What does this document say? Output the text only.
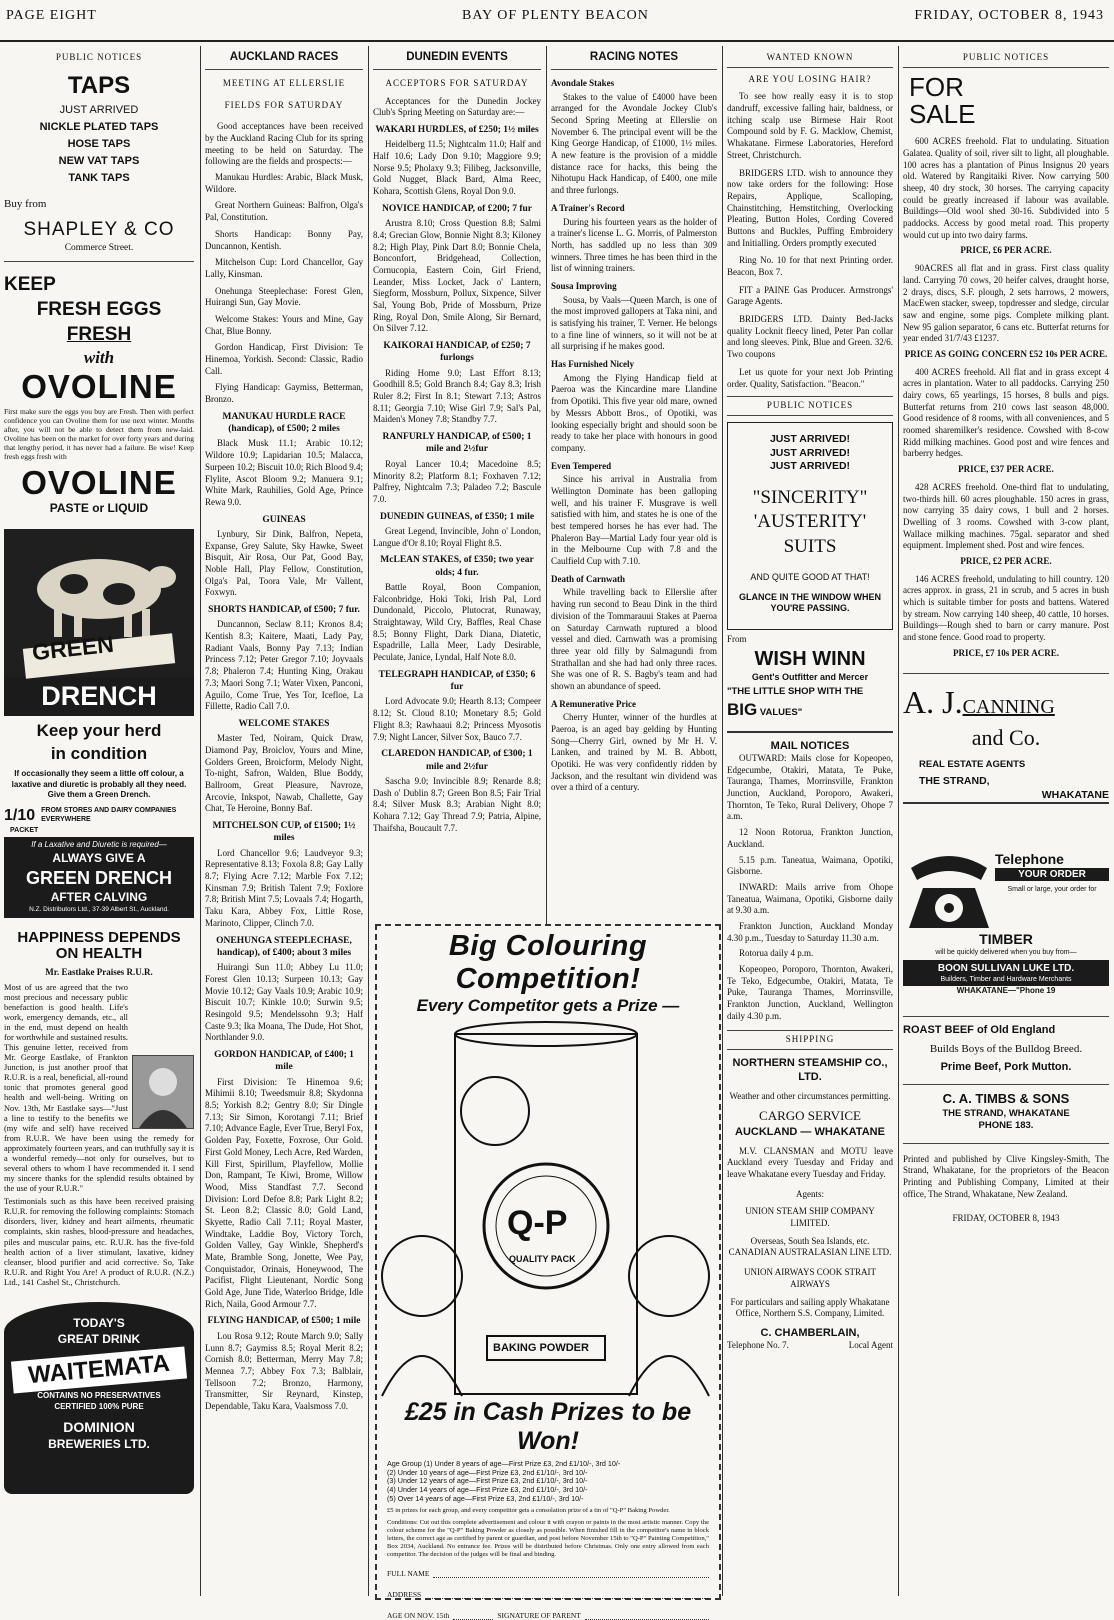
PAGE EIGHT	BAY OF PLENTY BEACON	FRIDAY, OCTOBER 8, 1943
PUBLIC NOTICES
TAPS
JUST ARRIVED
NICKLE PLATED TAPS
HOSE TAPS
NEW VAT TAPS
TANK TAPS
Buy from
SHAPLEY & CO
Commerce Street.
KEEP
FRESH EGGS
FRESH
with
OVOLINE
First make sure the eggs you buy are Fresh. Then with perfect confidence you can Ovoline them for use next winter. Months after, you will not be able to detect them from new-laid. Ovoline has been on the market for over forty years and during that lengthy period, it has never had a failure. Be wise! Keep fresh eggs fresh with
OVOLINE
PASTE or LIQUID
GREEN
DRENCH
Keep your herd
in condition
If occasionally they seem a little off colour, a laxative and diuretic is probably all they need. Give them a Green Drench.
1/10 FROM STORES AND DAIRY COMPANIES EVERYWHERE
PACKET
If a Laxative and Diuretic is required—
ALWAYS GIVE A
GREEN DRENCH
AFTER CALVING
N.Z. Distributors Ltd., 37-39 Albert St., Auckland.
HAPPINESS DEPENDS ON HEALTH
Mr. Eastlake Praises R.U.R.
Most of us are agreed that the two most precious and necessary public benefaction is good health. Life's work, emergency demands, etc., all in the end, must depend on health for worthwhile and sustained results. This genuine letter, received from Mr. George Eastlake, of Frankton Junction, is just another proof that R.U.R. is a real, beneficial, all-round tonic that promotes general good health and well-being. Writing on Nov. 13th, Mr Eastlake says—"Just a line to testify to the benefits we (my wife and self) have received from R.U.R. We have been using the remedy for approximately fourteen years, and can truthfully say it is a wonderful remedy—not only for ourselves, but to several others to whom I have recommended it. I send my sincere thanks for the splendid results obtained by the use of your R.U.R."
Testimonials such as this have been received praising R.U.R. for removing the following complaints: Stomach disorders, liver, kidney and heart ailments, rheumatic complaints, skin rashes, blood-pressure and headaches, piles and muscular pains, etc. R.U.R. has the five-fold health action of a liver stimulant, laxative, kidney cleanser, blood purifier and acid corrective. So, Take R.U.R. and Right You Are! A product of R.U.R. (N.Z.) Ltd., 141 Cashel St., Christchurch.
TODAY'S
GREAT DRINK
WAITEMATA
CONTAINS NO PRESERVATIVES
CERTIFIED 100% PURE
DOMINION
BREWERIES LTD.
AUCKLAND RACES
MEETING AT ELLERSLIE
FIELDS FOR SATURDAY

Good acceptances have been received by the Auckland Racing Club for its spring meeting to be held on Saturday. The following are the fields and prospects:—

Manukau Hurdles: Arabic, Black Musk, Wildore.
Great Northern Guineas: Balfron, Olga's Pal, Constitution.
Shorts Handicap: Bonny Pay, Duncannon, Kentish.
Mitchelson Cup: Lord Chancellor, Gay Lally, Kinsman.
Onehunga Steeplechase: Forest Glen, Huirangi Sun, Gay Movie.
Welcome Stakes: Yours and Mine, Gay Chat, Blue Bonny.
Gordon Handicap, First Division: Te Hinemoa, Yorkish. Second: Classic, Radio Call.
Flying Handicap: Gaymiss, Betterman, Bronzo.
MANUKAU HURDLE RACE (handicap), of £500; 2 miles

Black Musk 11.1; Arabic 10.12; Wildore 10.9; Lapidarian 10.5; Malacca, Surpeen 10.2; Biscuit 10.0; Rich Blood 9.4; Flylite, Ascot Bloom 9.2; Manuera 9.1; White Mark, Rauhilies, Gold Age, Prince Rewa 9.0.

GUINEAS

Lynbury, Sir Dink, Balfron, Nepeta, Expanse, Grey Salute, Sky Hawke, Sweet Bisquit, Air Rosa, Our Pat, Good Bay, Noble Hall, Play Fellow, Constitution, Olga's Pal, Toora Vale, Mr Vallent, Foxwyn.

SHORTS HANDICAP, of £500; 7 fur.

Duncannon, Seclaw 8.11; Kronos 8.4; Kentish 8.3; Kaitere, Maati, Lady Pay, Radiant Vaals, Bonny Pay 7.13; Indian Princess 7.12; Peter Gregor 7.10; Joyvaals 7.8; Phaleron 7.4; Hunting King, Orakau 7.3; Maori Song 7.1; Water Vixen, Panconi, Aguilo, Come True, Yes Tor, Icefloe, La Fillette, Radio Call 7.0.

WELCOME STAKES

Master Ted, Noiram, Quick Draw, Diamond Pay, Broiclov, Yours and Mine, Golders Green, Broicform, Melody Night, To-night, Safron, Walden, Blue Boddy, Ballroom, Great Pleasure, Navroze, Arcovie, Inkspot, Nawab, Challette, Gay Chat, Te Heroine, Bonny Baf.

MITCHELSON CUP, of £1500; 1½ miles

Lord Chancellor 9.6; Laudveyor 9.3; Representative 8.13; Foxola 8.8; Gay Lally 8.7; Flying Acre 7.12; Marble Fox 7.12; Kinsman 7.9; British Talent 7.9; Foxlore 7.8; British Mint 7.5; Lovaals 7.4; Hogarth, Taku Kara, Abbey Fox, Little Rose, Marinoto, Clipper, Clinch 7.0.

ONEHUNGA STEEPLECHASE, handicap), of £400; about 3 miles

Huirangi Sun 11.0; Abbey Lu 11.0; Forest Glen 10.13; Surpeen 10.13; Gay Movie 10.12; Gay Vaals 10.9; Arabic 10.9; Biscuit 10.7; Kinkle 10.0; Surwin 9.5; Resingold 9.5; Mendelssohn 9.3; Half Caste 9.3; Ika Moana, The Dude, Hot Shot, Northlander 9.0.

GORDON HANDICAP, of £400; 1 mile

First Division: Te Hinemoa 9.6; Mihimii 8.10; Tweedsmuir 8.8; Skydonna 8.5; Yorkish 8.2; Gentry 8.0; Sir Dingle 7.13; Sir Simon, Korotangi 7.11; Brief 7.10; Advance Eagle, Ever True, Beryl Fox, Golden Pay, Foxette, Foxrose, Our Gold. First Gold Money, Lech Acre, Red Warden, Kill First, Spirillum, Playfellow, Mollie Don, Rampant, Te Kiwi, Brome, Willow Wood, Miss Standfast 7.7. Second Division: Lord Defoe 8.8; Park Light 8.2; St. Leon 8.2; Classic 8.0; Gold Land, Skyette, Radio Call 7.11; Royal Master, Windtake, Laddie Boy, Victory Torch, Golden Valley, Gay Winkle, Shepherd's Mate, Bramble Song, Jonette, Wee Pay, Conquistador, Orinais, Honeywood, The Pacifist, Flight Lieutenant, Nordic Song Gold Age, June Tide, Waterloo Bridge, Idle Rich, Naila, Good Armour 7.7.

FLYING HANDICAP, of £500; 1 mile

Lou Rosa 9.12; Route March 9.0; Sally Lunn 8.7; Gaymiss 8.5; Royal Merit 8.2; Cornish 8.0; Betterman, Merry May 7.8; Mennea 7.7; Abbey Fox 7.3; Balblair, Tellsoon 7.2; Bronzo, Harmony, Transmitter, Sir Reynard, Kinstep, Dependable, Taku Kara, Vaalsmoss 7.0.

DUNEDIN EVENTS
ACCEPTORS FOR SATURDAY

Acceptances for the Dunedin Jockey Club's Spring Meeting on Saturday are:—

WAKARI HURDLES, of £250; 1½ miles

Heidelberg 11.5; Nightcalm 11.0; Half and Half 10.6; Lady Don 9.10; Maggiore 9.9; Norse 9.5; Pholaxy 9.3; Filibeg, Jacksonville, Gold Nugget, Black Bard, Alma Reec, Kohara, Scottish Glens, Royal Don 9.0.

NOVICE HANDICAP, of £200; 7 fur

Arustra 8.10; Cross Question 8.8; Salmi 8.4; Grecian Glow, Bonnie Night 8.3; Kiloney 8.2; High Play, Pink Dart 8.0; Bonnie Chela, Bonconfort, Bridgehead, Collection, Cornucopia, Eastern Coin, Girl Friend, Leander, Miss Locket, Jack o' Lantern, Siegform, Mossburn, Pollux, Sixpence, Silver Sal, Young Bob, Pride of Mossburn, Prize Ring, Royal Don, Smile Along, Sir Bernard, On Silver 7.12.

KAIKORAI HANDICAP, of £250; 7 furlongs

Riding Home 9.0; Last Effort 8.13; Goodhill 8.5; Gold Branch 8.4; Gay 8.3; Irish Ruler 8.2; First In 8.1; Stewart 7.13; Astros 8.11; Georgia 7.10; Wise Girl 7.9; Sal's Pal, Maiden's Money 7.8; Standby 7.7.

RANFURLY HANDICAP, of £500; 1 mile and 2½fur

Royal Lancer 10.4; Macedoine 8.5; Minority 8.2; Platform 8.1; Foxhaven 7.12; Palfrey, Nightcalm 7.3; Paladeo 7.2; Bascule 7.0.

DUNEDIN GUINEAS, of £350; 1 mile

Great Legend, Invincible, John o' London, Langue d'Or 8.10; Royal Flight 8.5.

McLEAN STAKES, of £350; two year olds; 4 fur.

Battle Royal, Boon Companion, Falconbridge, Hoki Toki, Irish Pal, Lord Dundonald, Piccolo, Plutocrat, Runaway, Straightaway, Wild Cry, Baffles, Real Chase 8.5; Bonny Flight, Dark Diana, Diatetic, Espadrille, Lalla Meer, Lady Desirable, Peculate, Janice, Lyndal, Half Note 8.0.

TELEGRAPH HANDICAP, of £350; 6 fur

Lord Advocate 9.0; Hearth 8.13; Compeer 8.12; St. Cloud 8.10; Monetary 8.5; Gold Flight 8.3; Rawhaaui 8.2; Princess Myosotis 7.9; Night Lancer, Silver Sox, Bauco 7.7.

CLAREDON HANDICAP, of £300; 1 mile and 2½fur

Sascha 9.0; Invincible 8.9; Renarde 8.8; Dash o' Dublin 8.7; Green Bon 8.5; Fair Trial 8.4; Silver Musk 8.3; Arabian Night 8.0; Kohara 7.12; Gay Thread 7.9; Patria, Alpine, Thaifsha, Boucault 7.7.

RACING NOTES
Avondale Stakes

Stakes to the value of £4000 have been arranged for the Avondale Jockey Club's Second Spring Meeting at Ellerslie on November 6. The principal event will be the King George Handicap, of £1000, 1½ miles. A new feature is the provision of a middle distance race for hacks, this being the Nihotupu Hack Handicap, of £400, one mile and three furlongs.

A Trainer's Record

During his fourteen years as the holder of a trainer's license L. G. Morris, of Palmerston North, has saddled up no less than 309 winners. Three times he has been third in the list of winning trainers.

Sousa Improving

Sousa, by Vaals—Queen March, is one of the most improved gallopers at Taka nini, and is satisfying his trainer, T. Verner. He belongs to a fine line of winners, so it will not be at all surprising if he makes good.

Has Furnished Nicely

Among the Flying Handicap field at Paeroa was the Kincardine mare Llandine from Opotiki. This five year old mare, owned by Messrs Abbott Bros., of Opotiki, was looking especially bright and should soon be ready to take her place with honours in good company.

Even Tempered

Since his arrival in Australia from Wellington Dominate has been galloping well, and his trainer F. Musgrave is well satisfied with him, and states he is one of the best tempered horses he has ever had. The Phaleron Bay—Martial Lady four year old is in the Melbourne Cup with 7.8 and the Caulfield Cup with 7.10.

Death of Carnwath

While travelling back to Ellerslie after having run second to Beau Dink in the third division of the Tommarauui Stakes at Paeroa on Saturday Carnwath ruptured a blood vessel and died. Carnwath was a promising three year old filly by Salmagundi from Strathallan and she had had only three races. She was one of R. S. Bagby's team and had shown an abundance of speed.

A Remunerative Price

Cherry Hunter, winner of the hurdles at Paeroa, is an aged bay gelding by Hunting Song—Cherry Girl, owned by Mr H. V. Lanken, and trained by M. B. Abbott, Opotiki. He was very confidently ridden by Jackson, and the resultant win dividend was over a third of a century.

Big Colouring Competition!
Every Competitor gets a Prize —
Q-P
QUALITY PACK
BAKING POWDER
£25 in Cash Prizes to be Won!
Age Group (1) Under 8 years of age—First Prize £3, 2nd £1/10/-, 3rd 10/-
(2) Under 10 years of age—First Prize £3, 2nd £1/10/-, 3rd 10/-
(3) Under 12 years of age—First Prize £3, 2nd £1/10/-, 3rd 10/-
(4) Under 14 years of age—First Prize £3, 2nd £1/10/-, 3rd 10/-
(5) Over 14 years of age—First Prize £3, 2nd £1/10/-, 3rd 10/-
£5 in prizes for each group, and every competitor gets a consolation prize of a tin of "Q-P" Baking Powder.
Conditions: Cut out this complete advertisement and colour it with crayon or paints in the most artistic manner. Copy the colour scheme for the "Q-P" Baking Powder as closely as possible. When finished fill in the competitor's name in block letters, the correct age as certified by parent or guardian, and post before November 15th to "Q-P" Painting Competition," Box 2034, Auckland. No entrance fee. Prizes will be distributed before Christmas. Only one entry allowed from each competitor. The decision of the judges will be final and binding.
FULL NAME
ADDRESS
AGE ON NOV. 15th	SIGNATURE OF PARENT
WANTED KNOWN
ARE YOU LOSING HAIR?

To see how really easy it is to stop dandruff, excessive falling hair, baldness, or itching scalp use Birmese Hair Root Compound sold by F. G. Macklow, Chemist, Whakatane. Firmese Laboratories, Hereford Street, Christchurch.

BRIDGERS LTD. wish to announce they now take orders for the following: Hose Repairs, Applique, Scalloping, Chainstitching, Hemstitching, Overlocking Pleating, Button Holes, Cording Covered Buttons and Buckles, Puffing Embroidery and Initialling. Orders promptly executed

Ring No. 10 for that next Printing order. Beacon, Box 7.

FIT a PAINE Gas Producer. Armstrongs' Garage Agents.

BRIDGERS LTD. Dainty Bed-Jacks quality Locknit fleecy lined, Peter Pan collar and long sleeves. Pink, Blue and Green. 32/6. Two coupons

Let us quote for your next Job Printing order. Quality, Satisfaction. "Beacon."

PUBLIC NOTICES
JUST ARRIVED!
JUST ARRIVED!
JUST ARRIVED!
"SINCERITY"
'AUSTERITY'
SUITS
AND QUITE GOOD AT THAT!
GLANCE IN THE WINDOW WHEN YOU'RE PASSING.
From
WISH WINN
Gent's Outfitter and Mercer
"THE LITTLE SHOP WITH THE BIG VALUES"
MAIL NOTICES

OUTWARD: Mails close for Kopeopeo, Edgecumbe, Otakiri, Matata, Te Puke, Tauranga, Thames, Morrinsville, Frankton Junction, Auckland, Poroporo, Awakeri, Thornton, Te Teko, Rural Delivery, Ohope 7 a.m.

12 Noon Rotorua, Frankton Junction, Auckland.

5.15 p.m. Taneatua, Waimana, Opotiki, Gisborne.

INWARD: Mails arrive from Ohope Taneatua, Waimana, Opotiki, Gisborne daily at 9.30 a.m.

Frankton Junction, Auckland Monday 4.30 p.m., Tuesday to Saturday 11.30 a.m.

Rotorua daily 4 p.m.

Kopeopeo, Poroporo, Thornton, Awakeri, Te Teko, Edgecumbe, Otakiri, Matata, Te Puke, Tauranga Thames, Morrinsville, Frankton Junction, Auckland, Wellington daily 4.30 p.m.

SHIPPING
NORTHERN STEAMSHIP CO., LTD.
Weather and other circumstances permitting.
CARGO SERVICE
AUCKLAND — WHAKATANE

M.V. CLANSMAN and MOTU leave Auckland every Tuesday and Friday and leave Whakatane every Tuesday and Friday.

Agents:
UNION STEAM SHIP COMPANY LIMITED.
Overseas, South Sea Islands, etc.
CANADIAN AUSTRALASIAN LINE LTD.
UNION AIRWAYS COOK STRAIT AIRWAYS
For particulars and sailing apply Whakatane Office, Northern S.S. Company, Limited.
C. CHAMBERLAIN,
Telephone No. 7.	Local Agent
PUBLIC NOTICES
FOR
SALE

600 ACRES freehold. Flat to undulating. Situation Galatea. Quality of soil, river silt to light, all ploughable. 100 acres has a plantation of Pinus Insignus 20 years old. Watered by Rangitaiki River. Now carrying 500 sheep, 40 dry stock, 30 horses. The carrying capacity could be greatly increased if labour was available. Buildings—Old wool shed 30-16. Subdivided into 5 paddocks. Access by good metal road. This property would cut up into two dairy farms.

PRICE, £6 PER ACRE.

90ACRES all flat and in grass. First class quality land. Carrying 70 cows, 20 heifer calves, draught horse, 2 drays, discs, S.F. plough, 2 sets harrows, 2 mowers, MacEwen stacker, sweep, topdresser and sledge, circular saw and engine, some pigs. Complete milking plant. New 95 galion separator, 6 cans etc. Butterfat returns for year ended 31/7/43 £1237.

PRICE AS GOING CONCERN £52 10s PER ACRE.

400 ACRES freehold. All flat and in grass except 4 acres in plantation. Water to all paddocks. Carrying 250 dairy cows, 65 yearlings, 15 horses, 8 bulls and pigs. Butterfat returns from 210 cows last season 48,000. Good residence of 8 rooms, with all conveniences, and 5 roomed sharemilker's residence. Cowshed with 8-cow Ridd milking machines. Good post and wire fences and barberry hedges.

PRICE, £37 PER ACRE.

428 ACRES freehold. One-third flat to undulating, two-thirds hill. 60 acres ploughable. 150 acres in grass, now carrying 35 dairy cows, 1 bull and 2 horses. Dwelling of 3 rooms. Cowshed with 3-cow plant, Wallace milking machines. 75gal. separator and shed equipment. Implement shed. Post and wire fences.

PRICE, £2 PER ACRE.

146 ACRES freehold, undulating to hill country. 120 acres approx. in grass, 21 in scrub, and 5 acres in bush which is suitable timber for posts and battens. Watered by stream. Now carrying 140 sheep, 40 cattle, 10 horses. Buildings—Rough shed to barn or carry manure. Post and stone fence. Good road to property.

PRICE, £7 10s PER ACRE.
A. J.CANNING
and Co.
REAL ESTATE AGENTS
THE STRAND,
WHAKATANE
Telephone
YOUR ORDER
Small or large, your order for
TIMBER
will be quickly delivered when you buy from—
BOON SULLIVAN LUKE LTD.
Builders, Timber and Hardware Merchants
WHAKATANE—"Phone 19
ROAST BEEF of Old England
Builds Boys of the Bulldog Breed.
Prime Beef, Pork Mutton.
C. A. TIMBS & SONS
THE STRAND, WHAKATANE
PHONE 183.
Printed and published by Clive Kingsley-Smith, The Strand, Whakatane, for the proprietors of the Beacon Printing and Publishing Company, Limited at their office, The Strand, Whakatane, New Zealand.
FRIDAY, OCTOBER 8, 1943
